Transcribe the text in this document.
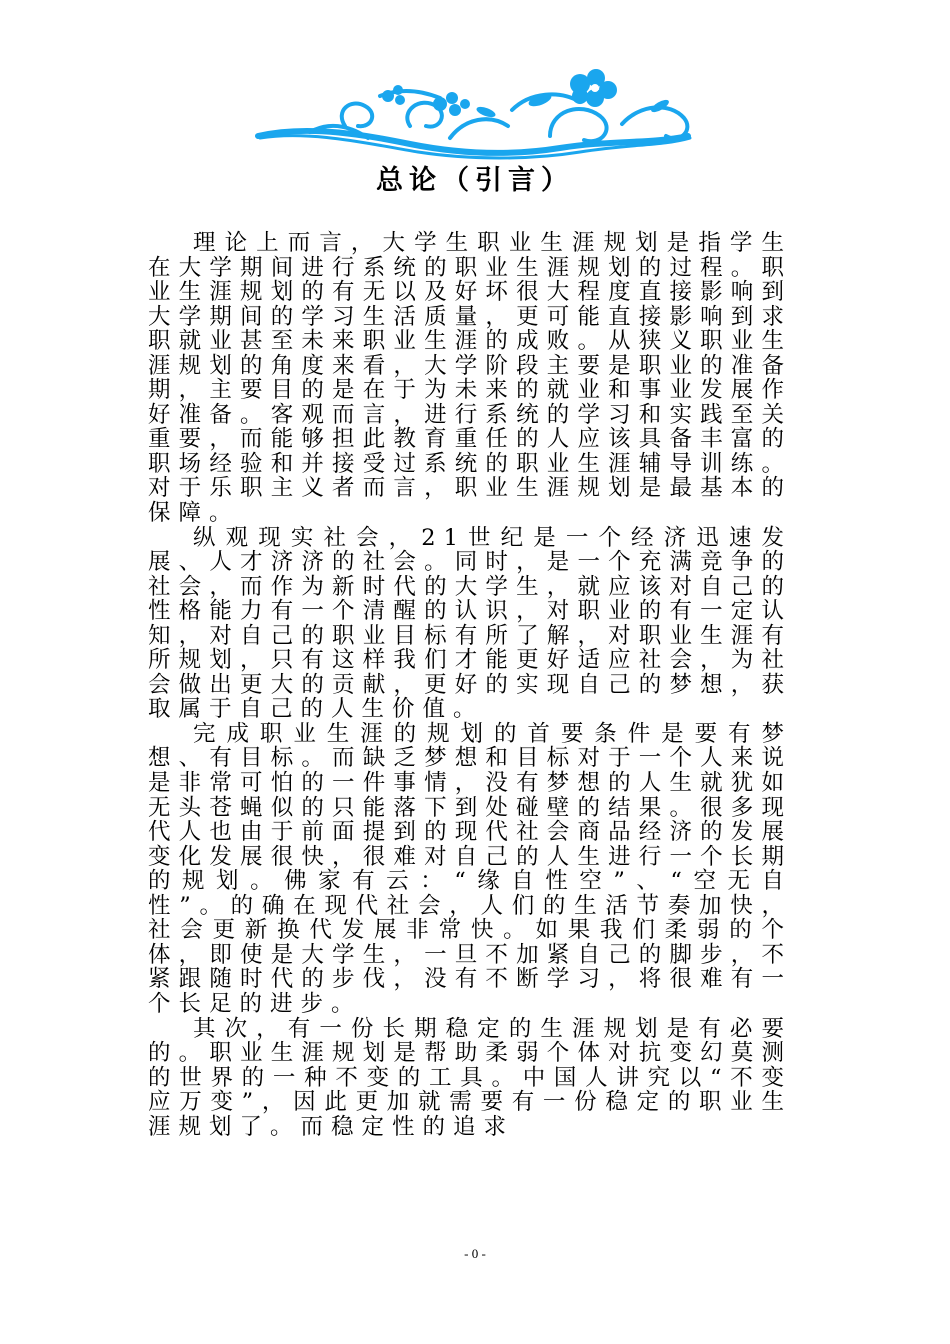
总论（引言）

理论上而言，大学生职业生涯规划是指学生在大学期间进行系统的职业生涯规划的过程。职业生涯规划的有无以及好坏很大程度直接影响到大学期间的学习生活质量，更可能直接影响到求职就业甚至未来职业生涯的成败。从狭义职业生涯规划的角度来看，大学阶段主要是职业的准备期，主要目的是在于为未来的就业和事业发展作好准备。客观而言，进行系统的学习和实践至关重要，而能够担此教育重任的人应该具备丰富的职场经验和并接受过系统的职业生涯辅导训练。对于乐职主义者而言，职业生涯规划是最基本的保障。

纵观现实社会，21世纪是一个经济迅速发展、人才济济的社会。同时，是一个充满竞争的社会，而作为新时代的大学生，就应该对自己的性格能力有一个清醒的认识，对职业的有一定认知，对自己的职业目标有所了解，对职业生涯有所规划，只有这样我们才能更好适应社会，为社会做出更大的贡献，更好的实现自己的梦想，获取属于自己的人生价值。

完成职业生涯的规划的首要条件是要有梦想、有目标。而缺乏梦想和目标对于一个人来说是非常可怕的一件事情，没有梦想的人生就犹如无头苍蝇似的只能落下到处碰壁的结果。很多现代人也由于前面提到的现代社会商品经济的发展变化发展很快，很难对自己的人生进行一个长期的规划。佛家有云：“缘自性空”、“空无自性”。的确在现代社会，人们的生活节奏加快，社会更新换代发展非常快。如果我们柔弱的个体，即使是大学生，一旦不加紧自己的脚步，不紧跟随时代的步伐，没有不断学习，将很难有一个长足的进步。

其次，有一份长期稳定的生涯规划是有必要的。职业生涯规划是帮助柔弱个体对抗变幻莫测的世界的一种不变的工具。中国人讲究以“不变应万变”，因此更加就需要有一份稳定的职业生涯规划了。而稳定性的追求

- 0 -
